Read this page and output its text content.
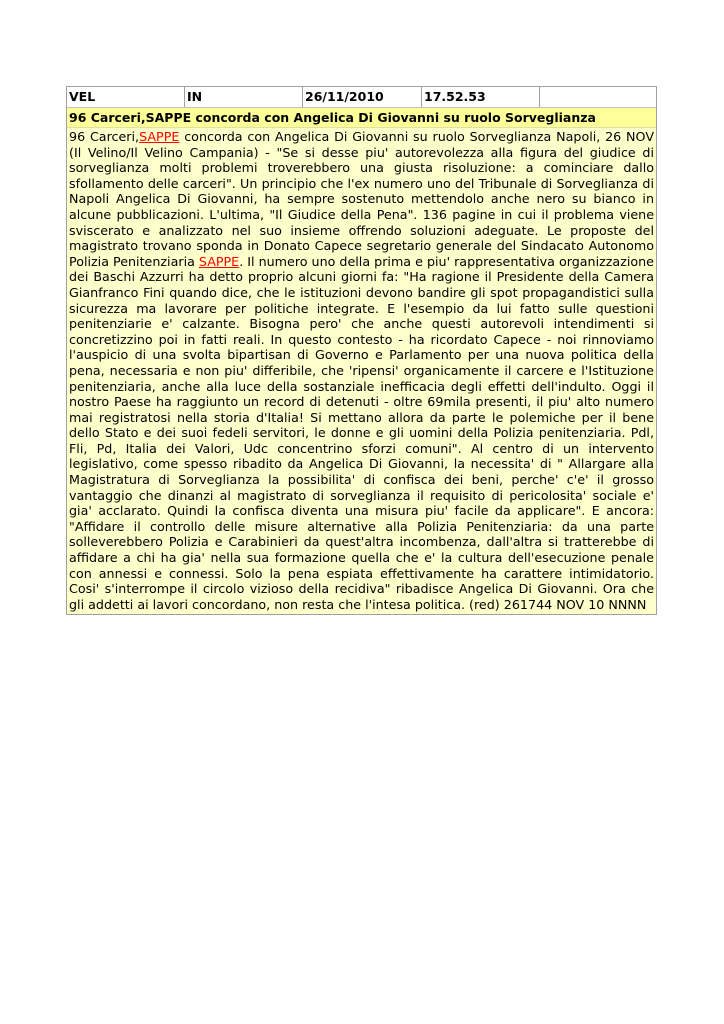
VEL	IN	26/11/2010	17.52.53
96 Carceri,SAPPE concorda con Angelica Di Giovanni su ruolo Sorveglianza
96 Carceri,SAPPE concorda con Angelica Di Giovanni su ruolo Sorveglianza Napoli, 26 NOV (Il Velino/Il Velino Campania) - "Se si desse piu' autorevolezza alla figura del giudice di sorveglianza molti problemi troverebbero una giusta risoluzione: a cominciare dallo sfollamento delle carceri". Un principio che l'ex numero uno del Tribunale di Sorveglianza di Napoli Angelica Di Giovanni, ha sempre sostenuto mettendolo anche nero su bianco in alcune pubblicazioni. L'ultima, "Il Giudice della Pena". 136 pagine in cui il problema viene sviscerato e analizzato nel suo insieme offrendo soluzioni adeguate. Le proposte del magistrato trovano sponda in Donato Capece segretario generale del Sindacato Autonomo Polizia Penitenziaria SAPPE. Il numero uno della prima e piu' rappresentativa organizzazione dei Baschi Azzurri ha detto proprio alcuni giorni fa: "Ha ragione il Presidente della Camera Gianfranco Fini quando dice, che le istituzioni devono bandire gli spot propagandistici sulla sicurezza ma lavorare per politiche integrate. E l'esempio da lui fatto sulle questioni penitenziarie e' calzante. Bisogna pero' che anche questi autorevoli intendimenti si concretizzino poi in fatti reali. In questo contesto - ha ricordato Capece - noi rinnoviamo l'auspicio di una svolta bipartisan di Governo e Parlamento per una nuova politica della pena, necessaria e non piu' differibile, che 'ripensi' organicamente il carcere e l'Istituzione penitenziaria, anche alla luce della sostanziale inefficacia degli effetti dell'indulto. Oggi il nostro Paese ha raggiunto un record di detenuti - oltre 69mila presenti, il piu' alto numero mai registratosi nella storia d'Italia! Si mettano allora da parte le polemiche per il bene dello Stato e dei suoi fedeli servitori, le donne e gli uomini della Polizia penitenziaria. Pdl, Fli, Pd, Italia dei Valori, Udc concentrino sforzi comuni". Al centro di un intervento legislativo, come spesso ribadito da Angelica Di Giovanni, la necessita' di " Allargare alla Magistratura di Sorveglianza la possibilita' di confisca dei beni, perche' c'e' il grosso vantaggio che dinanzi al magistrato di sorveglianza il requisito di pericolosita' sociale e' gia' acclarato. Quindi la confisca diventa una misura piu' facile da applicare". E ancora: "Affidare il controllo delle misure alternative alla Polizia Penitenziaria: da una parte solleverebbero Polizia e Carabinieri da quest'altra incombenza, dall'altra si tratterebbe di affidare a chi ha gia' nella sua formazione quella che e' la cultura dell'esecuzione penale con annessi e connessi. Solo la pena espiata effettivamente ha carattere intimidatorio. Cosi' s'interrompe il circolo vizioso della recidiva" ribadisce Angelica Di Giovanni. Ora che gli addetti ai lavori concordano, non resta che l'intesa politica. (red) 261744 NOV 10 NNNN
